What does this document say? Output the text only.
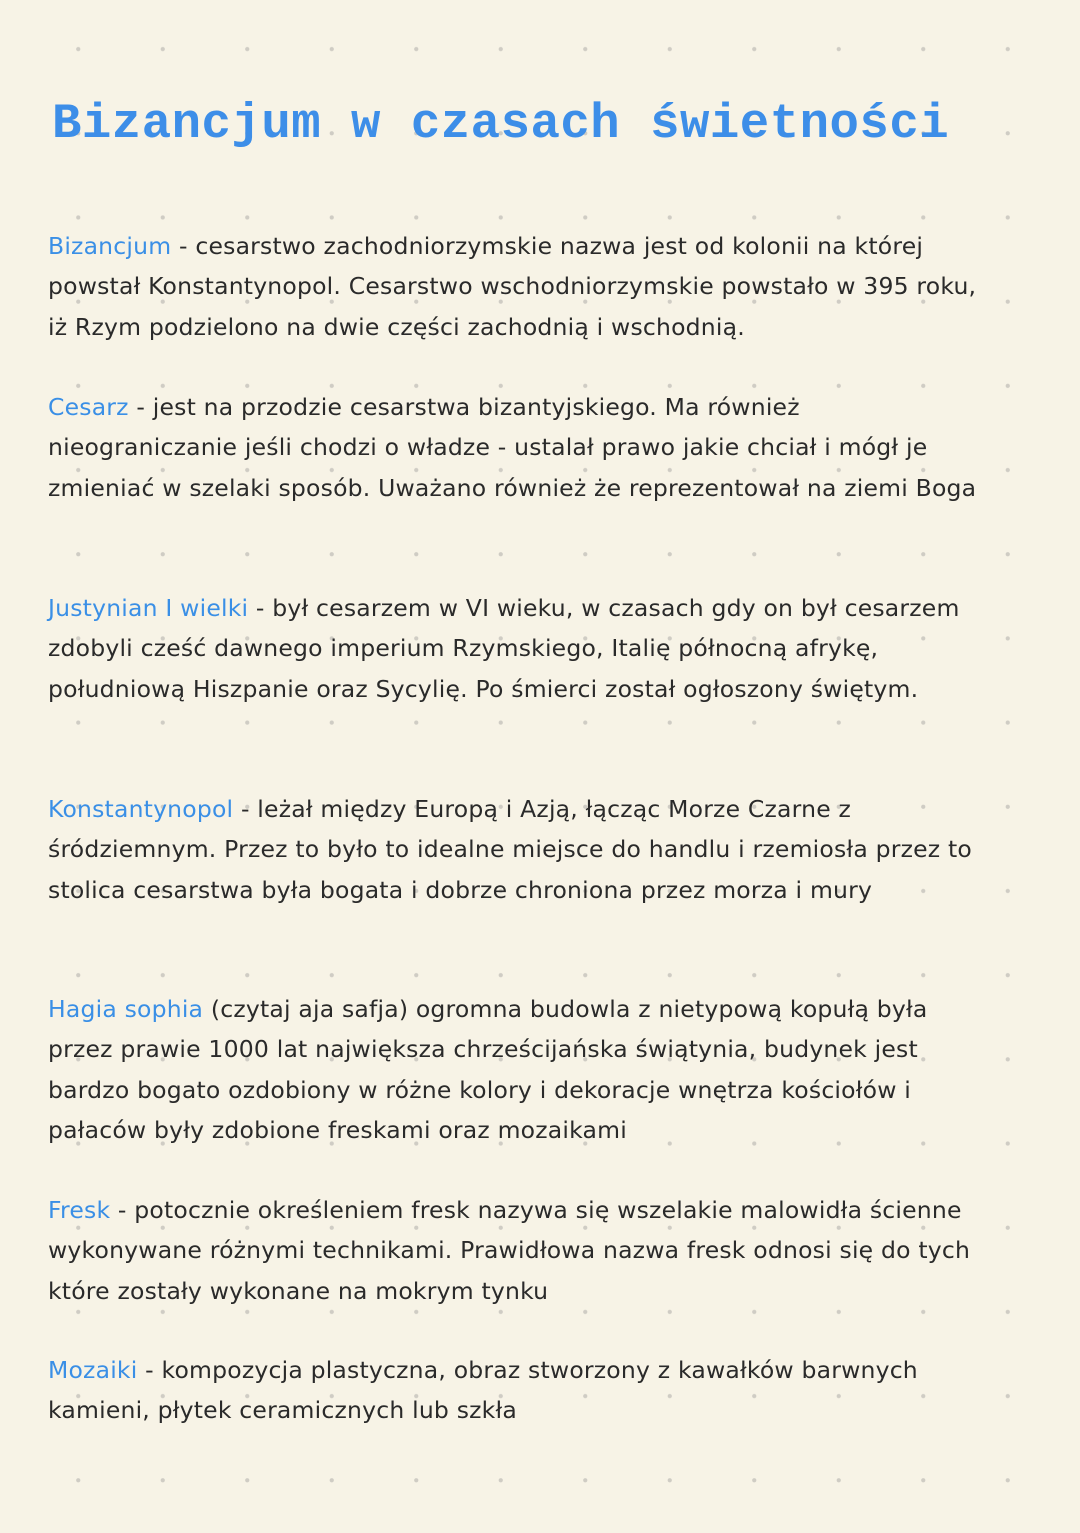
Bizancjum w czasach świetności

Bizancjum - cesarstwo zachodniorzymskie nazwa jest od kolonii na której powstał Konstantynopol. Cesarstwo wschodniorzymskie powstało w 395 roku, iż Rzym podzielono na dwie części zachodnią i wschodnią.

Cesarz - jest na przodzie cesarstwa bizantyjskiego. Ma również nieograniczanie jeśli chodzi o władze - ustalał prawo jakie chciał i mógł je zmieniać w szelaki sposób. Uważano również że reprezentował na ziemi Boga

Justynian I wielki - był cesarzem w VI wieku, w czasach gdy on był cesarzem zdobyli cześć dawnego imperium Rzymskiego, Italię północną afrykę, południową Hiszpanie oraz Sycylię. Po śmierci został ogłoszony świętym.

Konstantynopol - leżał między Europą i Azją, łącząc Morze Czarne z śródziemnym. Przez to było to idealne miejsce do handlu i rzemiosła przez to stolica cesarstwa była bogata i dobrze chroniona przez morza i mury

Hagia sophia (czytaj aja safja) ogromna budowla z nietypową kopułą była przez prawie 1000 lat największa chrześcijańska świątynia, budynek jest bardzo bogato ozdobiony w różne kolory i dekoracje wnętrza kościołów i pałaców były zdobione freskami oraz mozaikami

Fresk - potocznie określeniem fresk nazywa się wszelakie malowidła ścienne wykonywane różnymi technikami. Prawidłowa nazwa fresk odnosi się do tych które zostały wykonane na mokrym tynku

Mozaiki - kompozycja plastyczna, obraz stworzony z kawałków barwnych kamieni, płytek ceramicznych lub szkła
